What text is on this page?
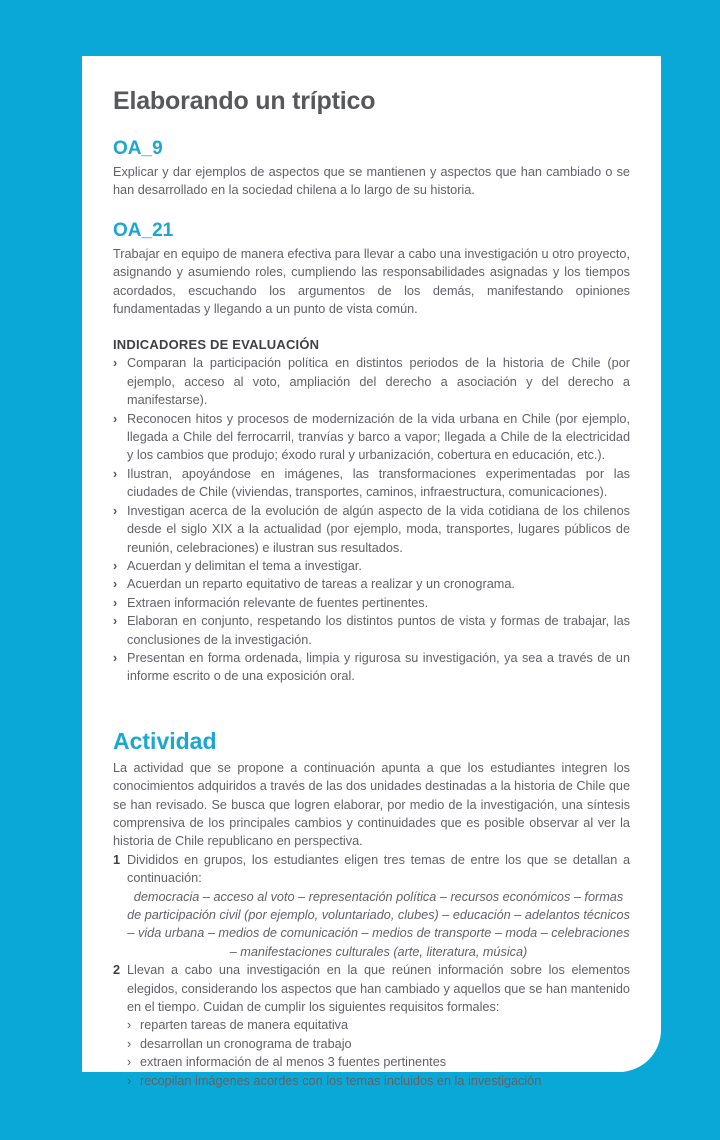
Elaborando un tríptico
OA_9

Explicar y dar ejemplos de aspectos que se mantienen y aspectos que han cambiado o se han desarrollado en la sociedad chilena a lo largo de su historia.

OA_21

Trabajar en equipo de manera efectiva para llevar a cabo una investigación u otro proyecto, asignando y asumiendo roles, cumpliendo las responsabilidades asignadas y los tiempos acordados, escuchando los argumentos de los demás, manifestando opiniones fundamentadas y llegando a un punto de vista común.

INDICADORES DE EVALUACIÓN
› Comparan la participación política en distintos periodos de la historia de Chile (por ejemplo, acceso al voto, ampliación del derecho a asociación y del derecho a manifestarse).
› Reconocen hitos y procesos de modernización de la vida urbana en Chile (por ejemplo, llegada a Chile del ferrocarril, tranvías y barco a vapor; llegada a Chile de la electricidad y los cambios que produjo; éxodo rural y urbanización, cobertura en educación, etc.).
› Ilustran, apoyándose en imágenes, las transformaciones experimentadas por las ciudades de Chile (viviendas, transportes, caminos, infraestructura, comunicaciones).
› Investigan acerca de la evolución de algún aspecto de la vida cotidiana de los chilenos desde el siglo XIX a la actualidad (por ejemplo, moda, transportes, lugares públicos de reunión, celebraciones) e ilustran sus resultados.
› Acuerdan y delimitan el tema a investigar.
› Acuerdan un reparto equitativo de tareas a realizar y un cronograma.
› Extraen información relevante de fuentes pertinentes.
› Elaboran en conjunto, respetando los distintos puntos de vista y formas de trabajar, las conclusiones de la investigación.
› Presentan en forma ordenada, limpia y rigurosa su investigación, ya sea a través de un informe escrito o de una exposición oral.
Actividad

La actividad que se propone a continuación apunta a que los estudiantes integren los conocimientos adquiridos a través de las dos unidades destinadas a la historia de Chile que se han revisado. Se busca que logren elaborar, por medio de la investigación, una síntesis comprensiva de los principales cambios y continuidades que es posible observar al ver la historia de Chile republicano en perspectiva.

1 Divididos en grupos, los estudiantes eligen tres temas de entre los que se detallan a continuación:

democracia – acceso al voto – representación política – recursos económicos – formas de participación civil (por ejemplo, voluntariado, clubes) – educación – adelantos técnicos – vida urbana – medios de comunicación – medios de transporte – moda – celebraciones – manifestaciones culturales (arte, literatura, música)

2 Llevan a cabo una investigación en la que reúnen información sobre los elementos elegidos, considerando los aspectos que han cambiado y aquellos que se han mantenido en el tiempo. Cuidan de cumplir los siguientes requisitos formales:

› reparten tareas de manera equitativa
› desarrollan un cronograma de trabajo
› extraen información de al menos 3 fuentes pertinentes
› recopilan imágenes acordes con los temas incluidos en la investigación
